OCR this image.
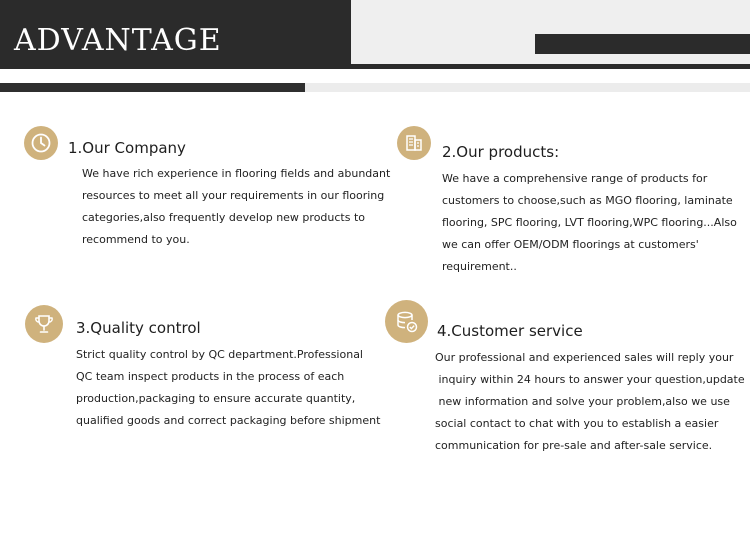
ADVANTAGE
1.Our Company
We have rich experience in flooring fields and abundant
resources to meet all your requirements in our flooring
categories,also frequently develop new products to
recommend to you.
2.Our products:
We have a comprehensive range of products for
customers to choose,such as MGO flooring, laminate
flooring, SPC flooring, LVT flooring,WPC flooring...Also
we can offer OEM/ODM floorings at customers'
requirement..
3.Quality control
Strict quality control by QC department.Professional
QC team inspect products in the process of each
production,packaging to ensure accurate quantity,
qualified goods and correct packaging before shipment
4.Customer service
Our professional and experienced sales will reply your
inquiry within 24 hours to answer your question,update
new information and solve your problem,also we use
social contact to chat with you to establish a easier
communication for pre-sale and after-sale service.
